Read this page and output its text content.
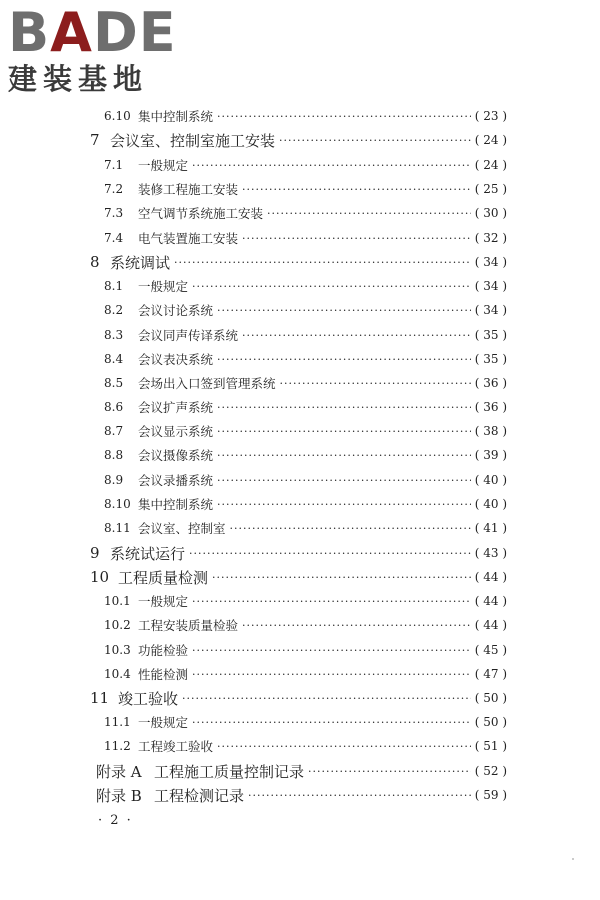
BADE
建装基地
6.10 集中控制系统 ·····	( 23 )
7 会议室、控制室施工安装 ·····	( 24 )
7.1	一般规定 ·····	( 24 )
7.2	装修工程施工安装 ·····	( 25 )
7.3	空气调节系统施工安装 ·····	( 30 )
7.4	电气装置施工安装 ·····	( 32 )
8 系统调试 ·····	( 34 )
8.1	一般规定 ·····	( 34 )
8.2	会议讨论系统 ·····	( 34 )
8.3	会议同声传译系统 ·····	( 35 )
8.4	会议表决系统 ·····	( 35 )
8.5	会场出入口签到管理系统 ·····	( 36 )
8.6	会议扩声系统 ·····	( 36 )
8.7	会议显示系统 ·····	( 38 )
8.8	会议摄像系统 ·····	( 39 )
8.9	会议录播系统 ·····	( 40 )
8.10 集中控制系统 ·····	( 40 )
8.11 会议室、控制室 ·····	( 41 )
9 系统试运行 ·····	( 43 )
10 工程质量检测 ·····	( 44 )
10.1 一般规定 ·····	( 44 )
10.2 工程安装质量检验 ·····	( 44 )
10.3 功能检验 ·····	( 45 )
10.4 性能检测 ·····	( 47 )
11 竣工验收 ·····	( 50 )
11.1 一般规定 ·····	( 50 )
11.2 工程竣工验收 ·····	( 51 )
附录 A 工程施工质量控制记录 ·····	( 52 )
附录 B 工程检测记录 ·····	( 59 )
· 2 ·
